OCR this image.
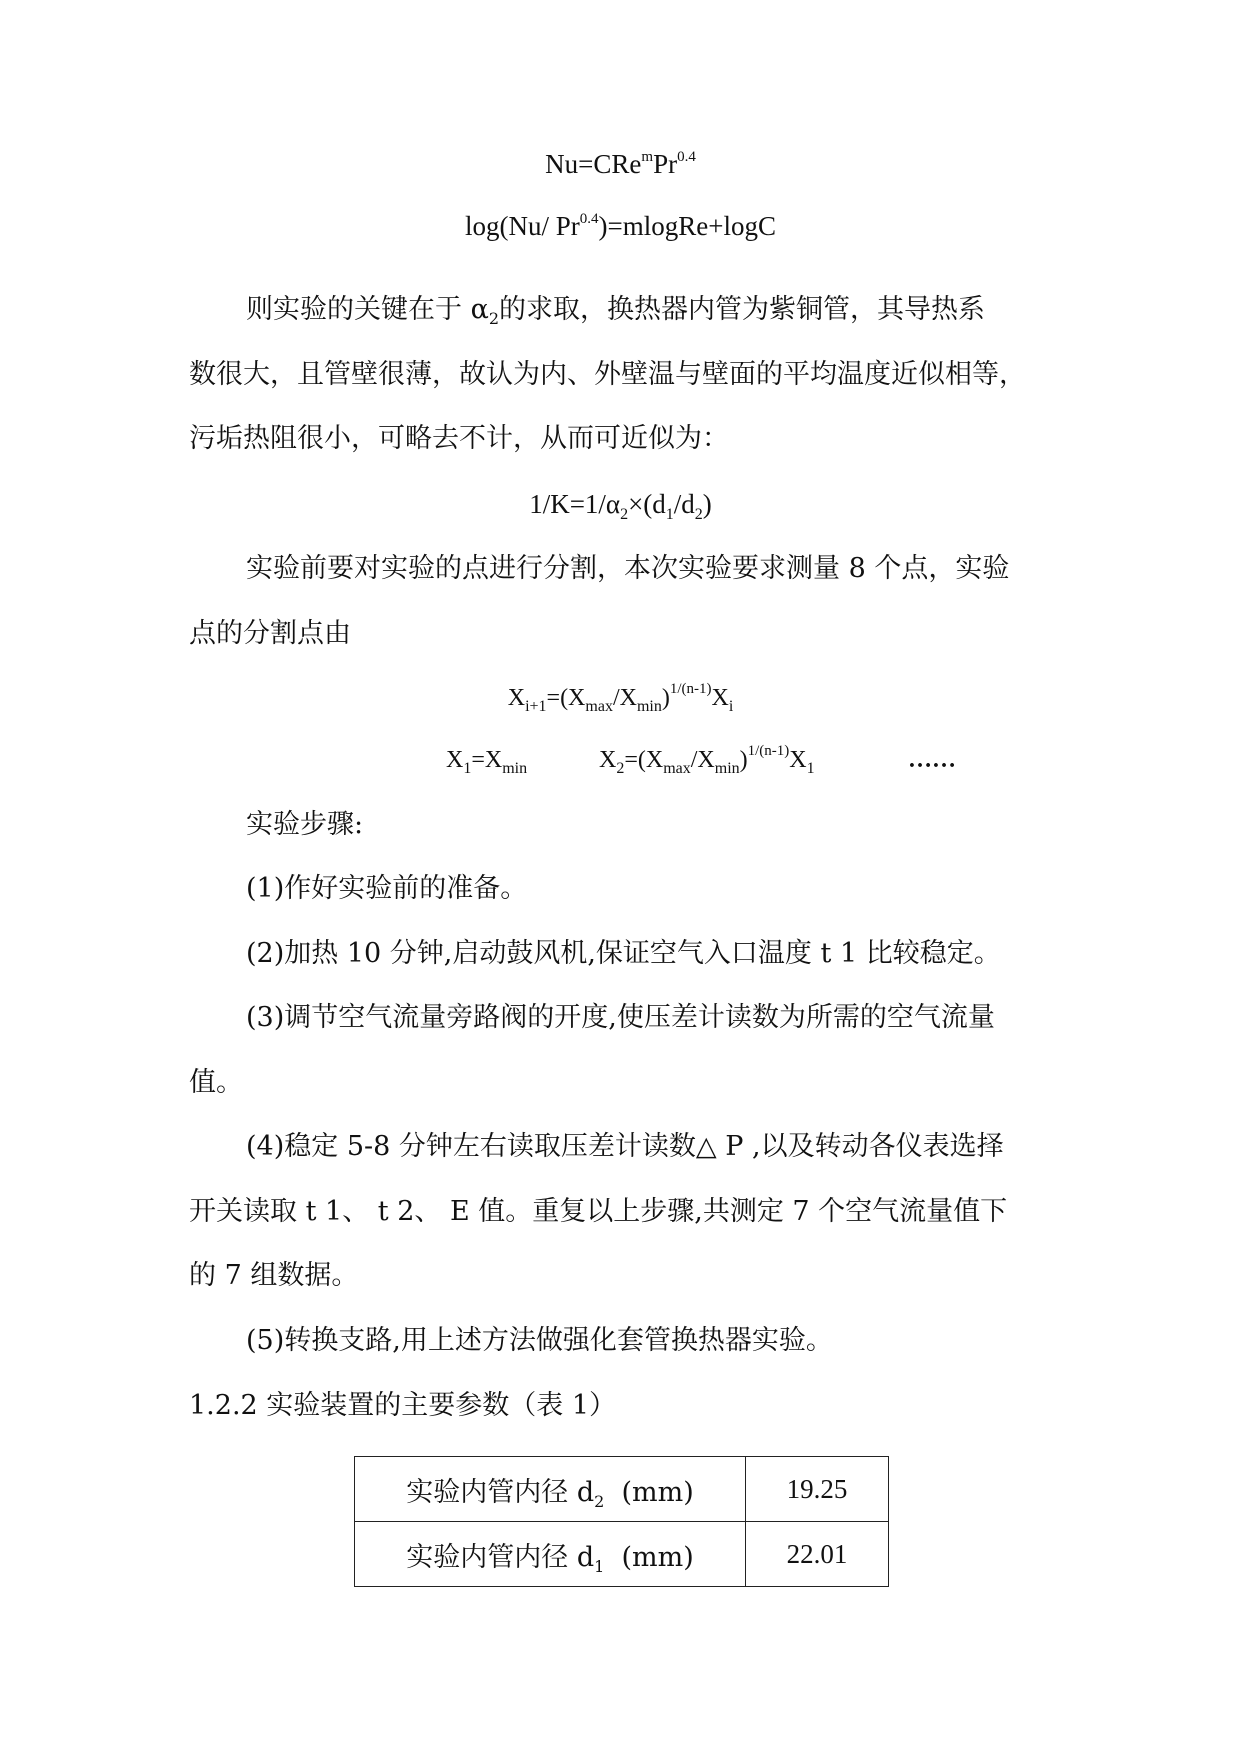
$Nu=CRe^mPr^{0.4}$
log(Nu/ $Pr^{0.4})=mlogRe+\log C$
则实验的关键在于 $\alpha_2$的求取，换热器内管为紫铜管，其导热系
数很大，且管壁很薄，故认为内、外壁温与壁面的平均温度近似相等，
污垢热阻很小，可略去不计，从而可近似为：
$1/K=1/\alpha_2\times(d_1/d_2)$
实验前要对实验的点进行分割，本次实验要求测量 8 个点，实验
点的分割点由
$X_{i+1}=(X_{max}/X_{min})^{1/(n-1)}X_i$
$X_1=X_{min}$	$X_2=(X_{max}/X_{min})^{1/(n-1)}X_1$	……
实验步骤:
(1)作好实验前的准备。
(2)加热 10 分钟,启动鼓风机,保证空气入口温度 t 1 比较稳定。
(3)调节空气流量旁路阀的开度,使压差计读数为所需的空气流量
值。
(4)稳定 5-8 分钟左右读取压差计读数△ P ,以及转动各仪表选择
开关读取 t 1、 t 2、 E 值。重复以上步骤,共测定 7 个空气流量值下
的 7 组数据。
(5)转换支路,用上述方法做强化套管换热器实验。
1.2.2 实验装置的主要参数（表 1）
实验内管内径 $d_2$ (mm)	19.25
实验内管内径 $d_1$ (mm)	22.01
